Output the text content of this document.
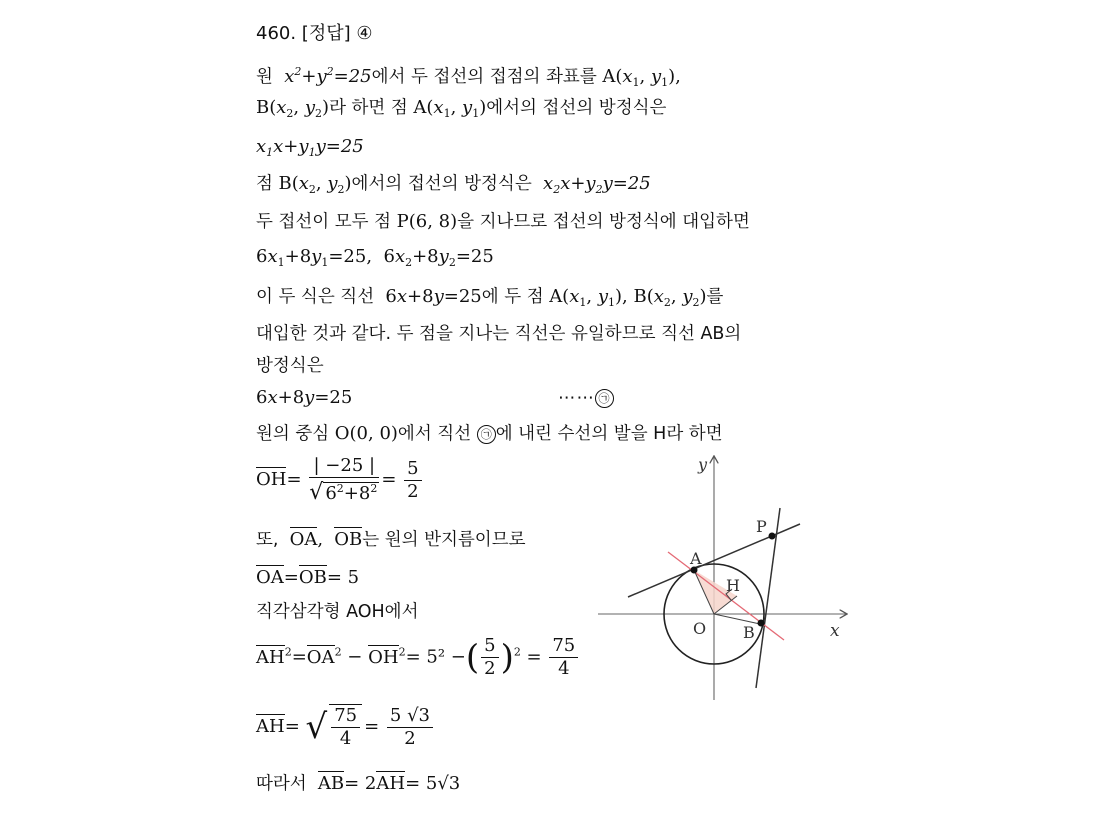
460. [정답] ④
원  $x^2+y^2=25$에서 두 접선의 접점의 좌표를 $A(x_1$, $y_1$),
$B(x_2$, $y_2$)라 하면 점 $A(x_1$, $y_1$)에서의 접선의 방정식은
$x_1x+y_1y=25$
점 $B(x_2$, $y_2$)에서의 접선의 방정식은  $x_2x+y_2y=25$
두 접선이 모두 점 P(6, 8)을 지나므로 접선의 방정식에 대입하면
$6x_1+8y_1=25$,  $6x_2+8y_2=25$
이 두 식은 직선  6x+8y=25에 두 점 $A(x_1$, $y_1$), $B(x_2$, $y_2$)를
대입한 것과 같다. 두 점을 지나는 직선은 유일하므로 직선 AB의
방정식은
6x+8y=25	⋯⋯ ㉠
원의 중심 O(0, 0)에서 직선 ㉠ 에 내린 수선의 발을 H라 하면
$OH= \frac{| -25 |}{√ 6^2+8^2} = \frac{5}{2}$
또, OA, OB는 원의 반지름이므로
OA=OB= 5
직각삼각형 AOH에서
$AH^2=OA^2 - OH^2= 5^2$ −( $\frac{5}{2} )^2 = \frac{75}{4}$
AH= √ $\frac{75}{4} = \frac{5 √3}{2}$
따라서 AB= 2AH= 5√3
y
x
P
A
H
O B
